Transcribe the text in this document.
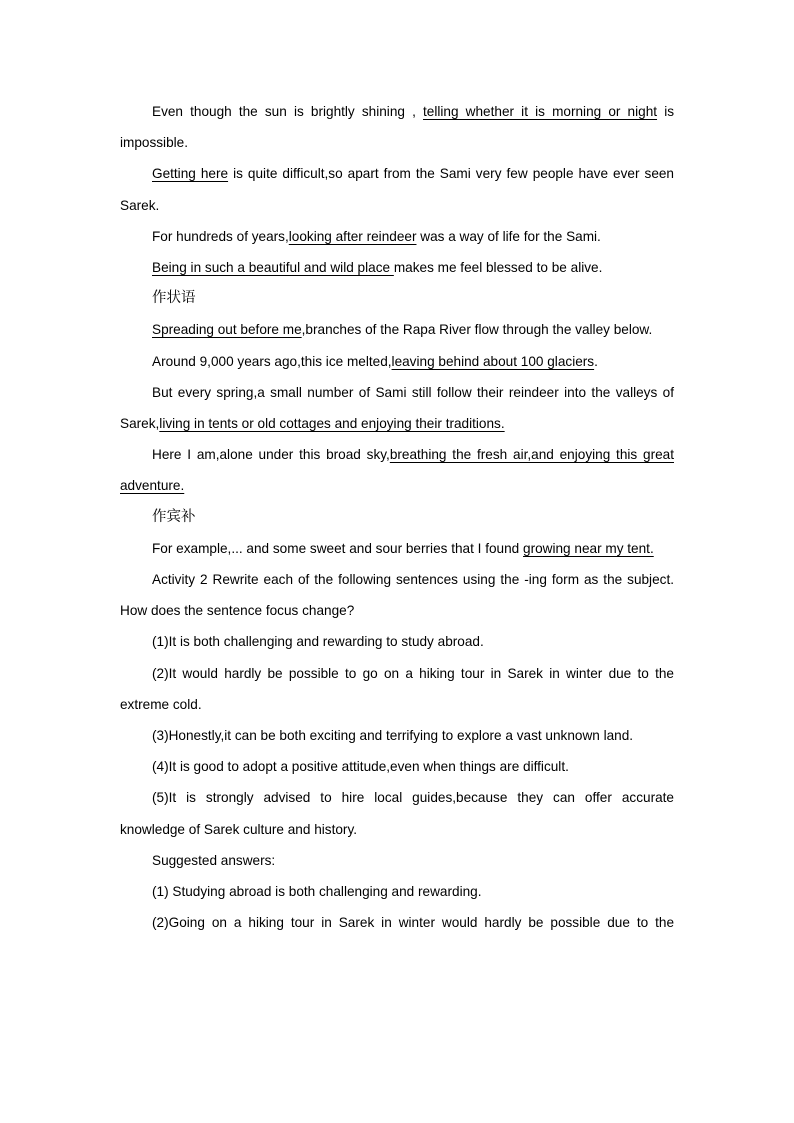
Even though the sun is brightly shining , telling whether it is morning or night is impossible.

Getting here is quite difficult,so apart from the Sami very few people have ever seen Sarek.

For hundreds of years,looking after reindeer was a way of life for the Sami.

Being in such a beautiful and wild place makes me feel blessed to be alive.

作状语

Spreading out before me,branches of the Rapa River flow through the valley below.

Around 9,000 years ago,this ice melted,leaving behind about 100 glaciers.

But every spring,a small number of Sami still follow their reindeer into the valleys of Sarek,living in tents or old cottages and enjoying their traditions.

Here I am,alone under this broad sky,breathing the fresh air,and enjoying this great adventure.

作宾补

For example,... and some sweet and sour berries that I found growing near my tent.

Activity 2 Rewrite each of the following sentences using the -ing form as the subject. How does the sentence focus change?

(1)It is both challenging and rewarding to study abroad.

(2)It would hardly be possible to go on a hiking tour in Sarek in winter due to the extreme cold.

(3)Honestly,it can be both exciting and terrifying to explore a vast unknown land.

(4)It is good to adopt a positive attitude,even when things are difficult.

(5)It is strongly advised to hire local guides,because they can offer accurate knowledge of Sarek culture and history.

Suggested answers:

(1) Studying abroad is both challenging and rewarding.

(2)Going on a hiking tour in Sarek in winter would hardly be possible due to the
